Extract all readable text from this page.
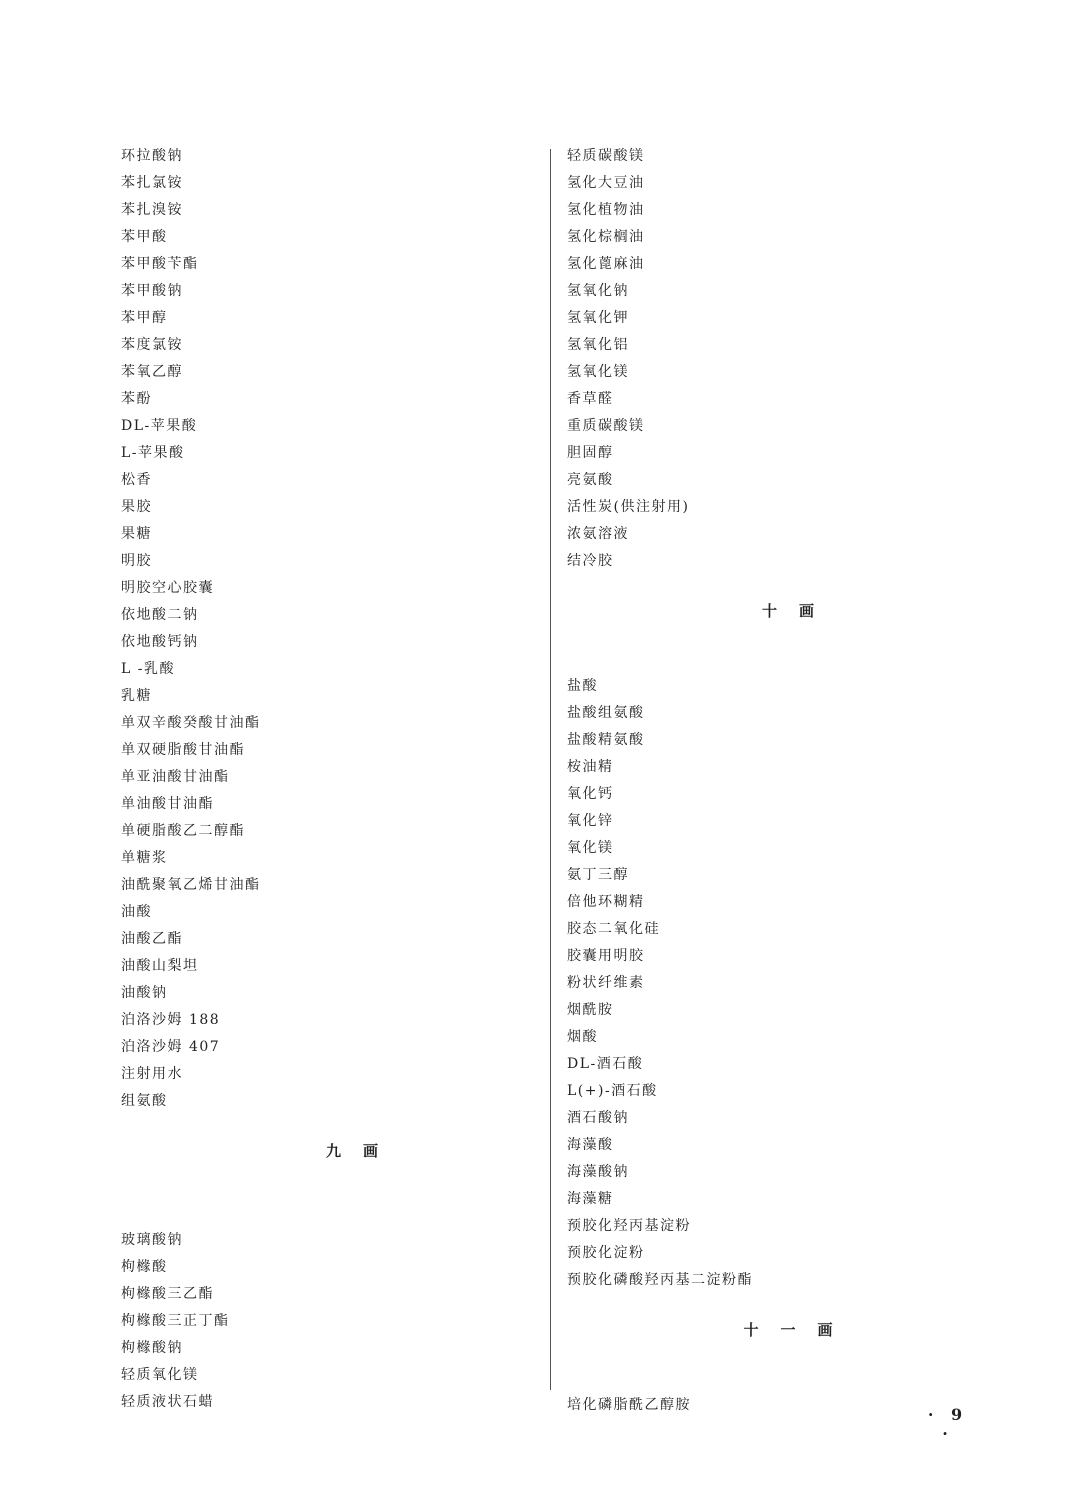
环拉酸钠
苯扎氯铵
苯扎溴铵
苯甲酸
苯甲酸苄酯
苯甲酸钠
苯甲醇
苯度氯铵
苯氧乙醇
苯酚
DL-苹果酸
L-苹果酸
松香
果胶
果糖
明胶
明胶空心胶囊
依地酸二钠
依地酸钙钠
L -乳酸
乳糖
单双辛酸癸酸甘油酯
单双硬脂酸甘油酯
单亚油酸甘油酯
单油酸甘油酯
单硬脂酸乙二醇酯
单糖浆
油酰聚氧乙烯甘油酯
油酸
油酸乙酯
油酸山梨坦
油酸钠
泊洛沙姆 188
泊洛沙姆 407
注射用水
组氨酸
九画
玻璃酸钠
枸橼酸
枸橼酸三乙酯
枸橼酸三正丁酯
枸橼酸钠
轻质氧化镁
轻质液状石蜡
轻质碳酸镁
氢化大豆油
氢化植物油
氢化棕榈油
氢化蓖麻油
氢氧化钠
氢氧化钾
氢氧化铝
氢氧化镁
香草醛
重质碳酸镁
胆固醇
亮氨酸
活性炭(供注射用)
浓氨溶液
结冷胶
十画
盐酸
盐酸组氨酸
盐酸精氨酸
桉油精
氧化钙
氧化锌
氧化镁
氨丁三醇
倍他环糊精
胶态二氧化硅
胶囊用明胶
粉状纤维素
烟酰胺
烟酸
DL-酒石酸
L(+)-酒石酸
酒石酸钠
海藻酸
海藻酸钠
海藻糖
预胶化羟丙基淀粉
预胶化淀粉
预胶化磷酸羟丙基二淀粉酯
十一画
培化磷脂酰乙醇胺	· 9 ·
